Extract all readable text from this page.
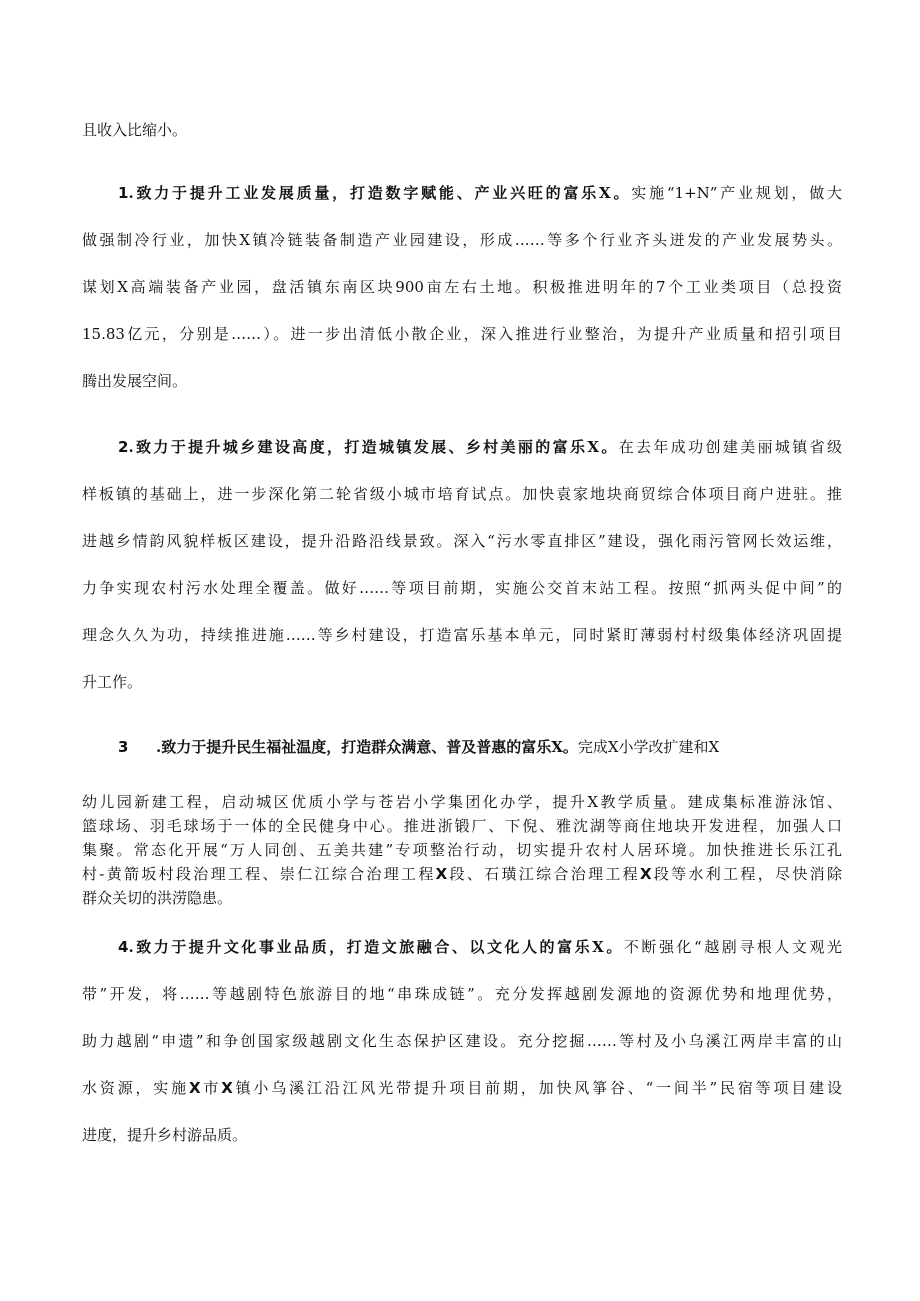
且收入比缩小。
1.致力于提升工业发展质量，打造数字赋能、产业兴旺的富乐X。实施“1+N”产业规划，做大
做强制冷行业，加快X镇冷链装备制造产业园建设，形成……等多个行业齐头迸发的产业发展势头。
谋划X高端装备产业园，盘活镇东南区块900亩左右土地。积极推进明年的7个工业类项目（总投资
15.83亿元，分别是……）。进一步出清低小散企业，深入推进行业整治，为提升产业质量和招引项目
腾出发展空间。
2.致力于提升城乡建设高度，打造城镇发展、乡村美丽的富乐X。在去年成功创建美丽城镇省级
样板镇的基础上，进一步深化第二轮省级小城市培育试点。加快袁家地块商贸综合体项目商户进驻。推
进越乡情韵风貌样板区建设，提升沿路沿线景致。深入“污水零直排区”建设，强化雨污管网长效运维，
力争实现农村污水处理全覆盖。做好……等项目前期，实施公交首末站工程。按照“抓两头促中间”的
理念久久为功，持续推进施……等乡村建设，打造富乐基本单元，同时紧盯薄弱村村级集体经济巩固提
升工作。
3 .致力于提升民生福祉温度，打造群众满意、普及普惠的富乐X。完成X小学改扩建和X
幼儿园新建工程，启动城区优质小学与苍岩小学集团化办学，提升X教学质量。建成集标准游泳馆、
篮球场、羽毛球场于一体的全民健身中心。推进浙锻厂、下倪、雅沈湖等商住地块开发进程，加强人口
集聚。常态化开展“万人同创、五美共建”专项整治行动，切实提升农村人居环境。加快推进长乐江孔
村-黄箭坂村段治理工程、崇仁江综合治理工程X段、石璜江综合治理工程X段等水利工程，尽快消除
群众关切的洪涝隐患。
4.致力于提升文化事业品质，打造文旅融合、以文化人的富乐X。不断强化“越剧寻根人文观光
带”开发，将……等越剧特色旅游目的地“串珠成链”。充分发挥越剧发源地的资源优势和地理优势，
助力越剧“申遗”和争创国家级越剧文化生态保护区建设。充分挖掘……等村及小乌溪江两岸丰富的山
水资源，实施X市X镇小乌溪江沿江风光带提升项目前期，加快风箏谷、“一间半”民宿等项目建设
进度，提升乡村游品质。
